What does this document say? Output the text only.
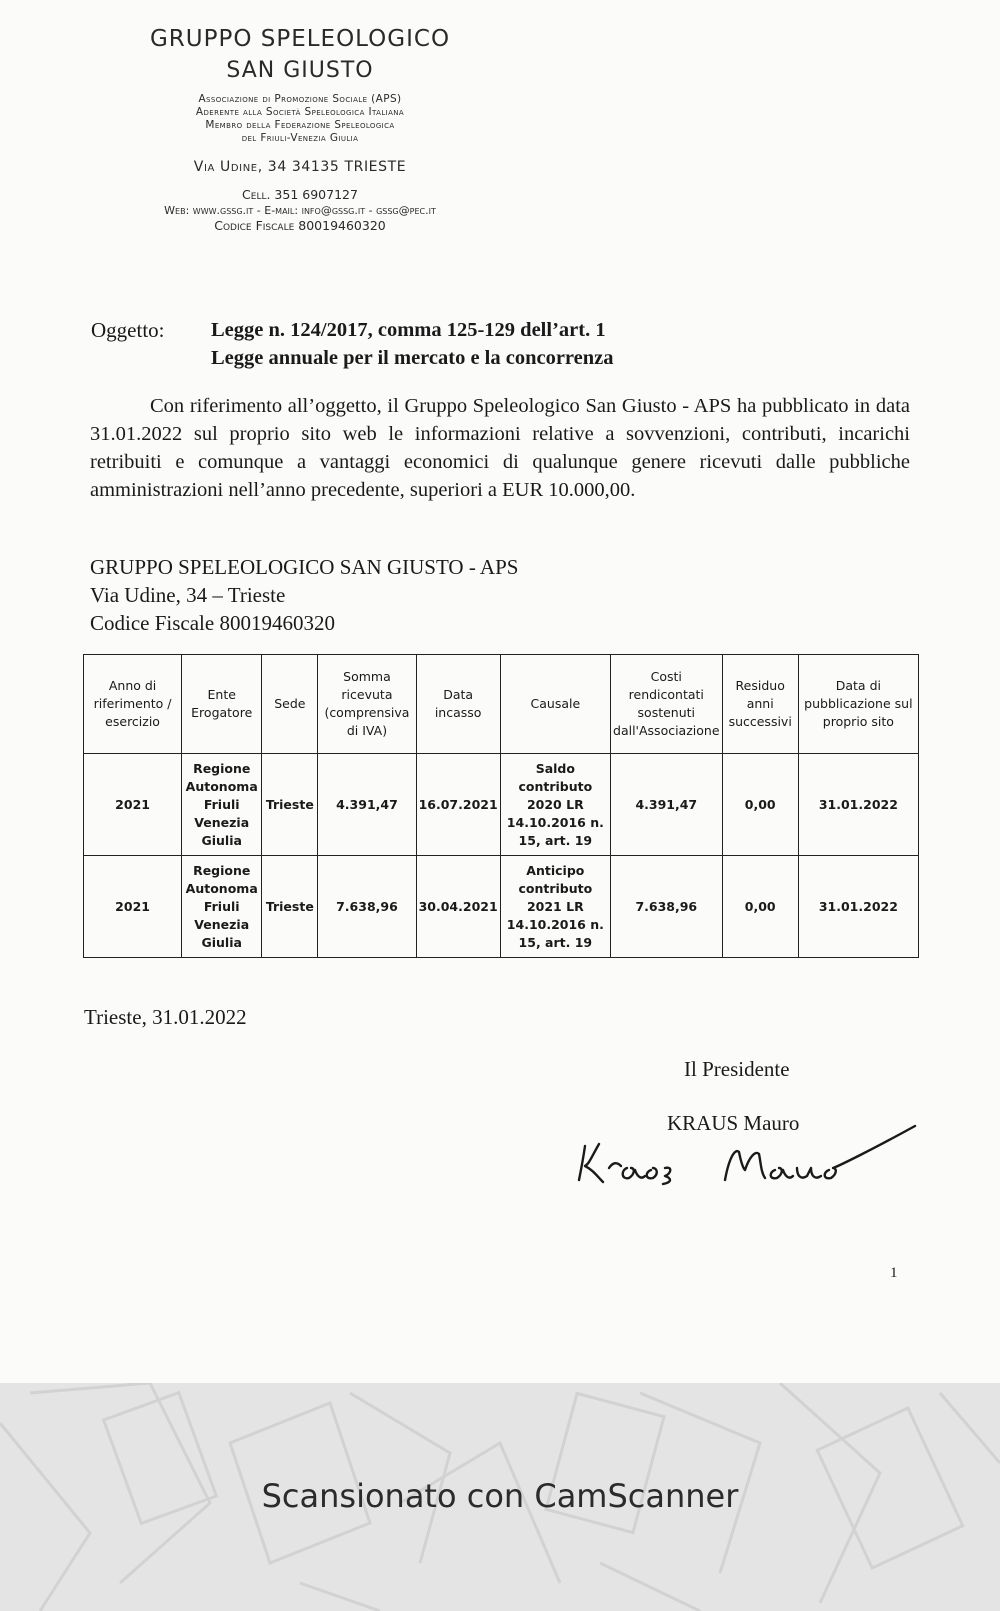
GRUPPO SPELEOLOGICO
SAN GIUSTO
Associazione di Promozione Sociale (APS)
Aderente alla Società Speleologica Italiana
Membro della Federazione Speleologica
del Friuli-Venezia Giulia
Via Udine, 34 34135 TRIESTE
Cell. 351 6907127
Web: www.gssg.it - E-mail: info@gssg.it - gssg@pec.it
Codice Fiscale 80019460320
Oggetto: Legge n. 124/2017, comma 125-129 dell’art. 1
Legge annuale per il mercato e la concorrenza

Con riferimento all’oggetto, il Gruppo Speleologico San Giusto - APS ha pubblicato in data 31.01.2022 sul proprio sito web le informazioni relative a sovvenzioni, contributi, incarichi retribuiti e comunque a vantaggi economici di qualunque genere ricevuti dalle pubbliche amministrazioni nell’anno precedente, superiori a EUR 10.000,00.

GRUPPO SPELEOLOGICO SAN GIUSTO - APS
Via Udine, 34 – Trieste
Codice Fiscale 80019460320
Anno di riferimento / esercizio	Ente Erogatore	Sede	Somma ricevuta (comprensiva di IVA)	Data incasso	Causale	Costi rendicontati sostenuti dall'Associazione	Residuo anni successivi	Data di pubblicazione sul proprio sito
2021	Regione Autonoma Friuli Venezia Giulia	Trieste	4.391,47	16.07.2021	Saldo contributo 2020 LR 14.10.2016 n. 15, art. 19	4.391,47	0,00	31.01.2022
2021	Regione Autonoma Friuli Venezia Giulia	Trieste	7.638,96	30.04.2021	Anticipo contributo 2021 LR 14.10.2016 n. 15, art. 19	7.638,96	0,00	31.01.2022
Trieste, 31.01.2022
Il Presidente
KRAUS Mauro
1
Scansionato con CamScanner
